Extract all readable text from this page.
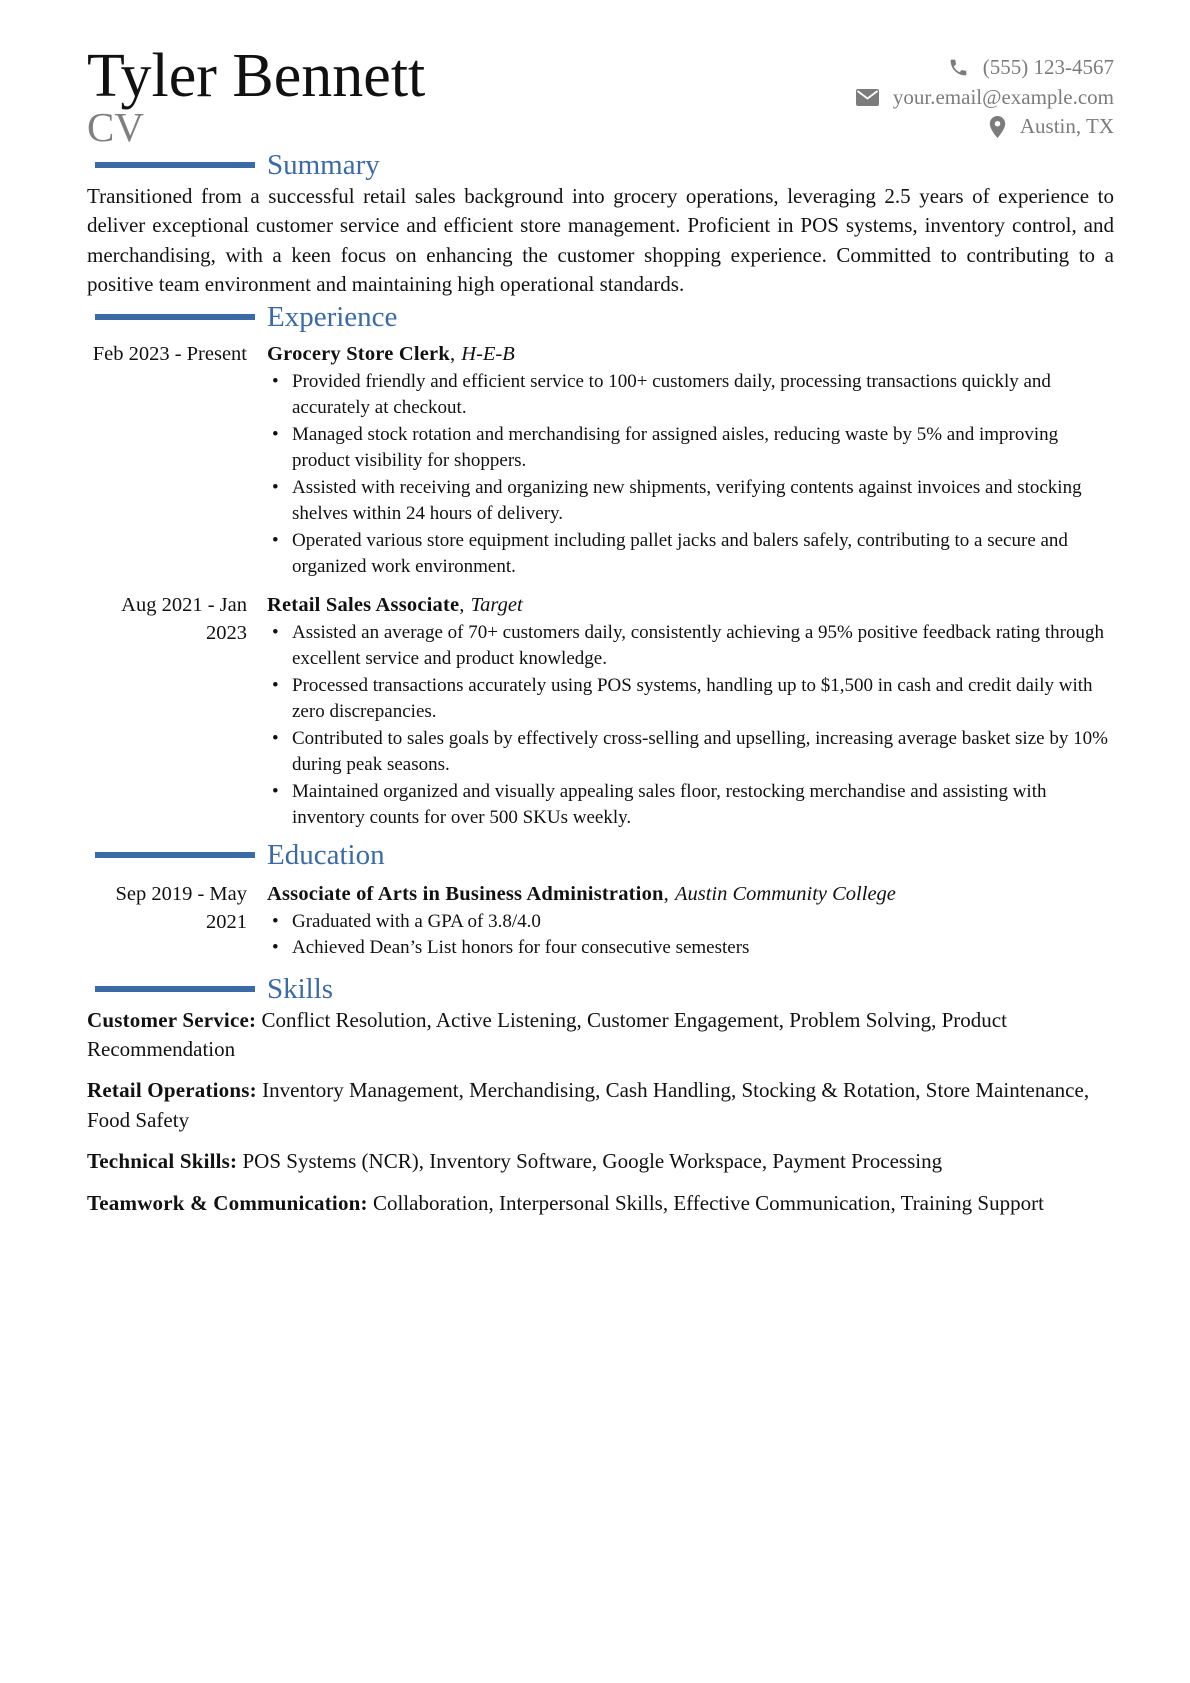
(555) 123-4567
your.email@example.com
Austin, TX
Tyler Bennett
CV
Summary

Transitioned from a successful retail sales background into grocery operations, leveraging 2.5 years of experience to deliver exceptional customer service and efficient store management. Proficient in POS systems, inventory control, and merchandising, with a keen focus on enhancing the customer shopping experience. Committed to contributing to a positive team environment and maintaining high operational standards.

Experience
Feb 2023 - Present Grocery Store Clerk , H-E-B
• Provided friendly and efficient service to 100+ customers daily, processing transactions quickly and accurately at checkout.
• Managed stock rotation and merchandising for assigned aisles, reducing waste by 5% and improving product visibility for shoppers.
• Assisted with receiving and organizing new shipments, verifying contents against invoices and stocking shelves within 24 hours of delivery.
• Operated various store equipment including pallet jacks and balers safely, contributing to a secure and organized work environment.
Aug 2021 - Jan 2023
Retail Sales Associate , Target
• Assisted an average of 70+ customers daily, consistently achieving a 95% positive feedback rating through excellent service and product knowledge.
• Processed transactions accurately using POS systems, handling up to $1,500 in cash and credit daily with zero discrepancies.
• Contributed to sales goals by effectively cross-selling and upselling, increasing average basket size by 10% during peak seasons.
• Maintained organized and visually appealing sales floor, restocking merchandise and assisting with inventory counts for over 500 SKUs weekly.
Education
Sep 2019 - May 2021
Associate of Arts in Business Administration , Austin Community College
• Graduated with a GPA of 3.8/4.0
• Achieved Dean’s List honors for four consecutive semesters
Skills

Customer Service: Conflict Resolution, Active Listening, Customer Engagement, Problem Solving, Product Recommendation

Retail Operations: Inventory Management, Merchandising, Cash Handling, Stocking & Rotation, Store Maintenance, Food Safety

Technical Skills: POS Systems (NCR), Inventory Software, Google Workspace, Payment Processing

Teamwork & Communication: Collaboration, Interpersonal Skills, Effective Communication, Training Support
